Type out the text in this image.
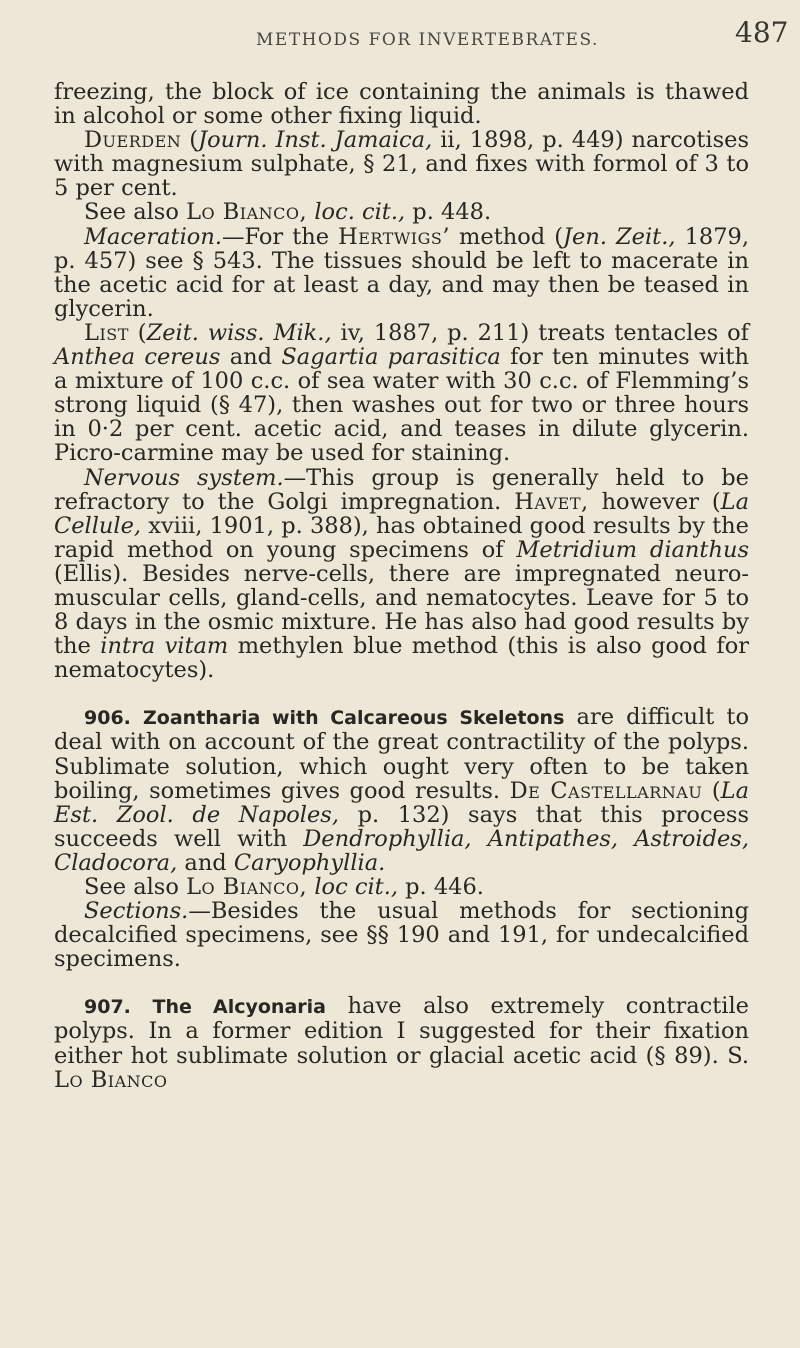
METHODS FOR INVERTEBRATES.	487

freezing, the block of ice containing the animals is thawed in alcohol or some other fixing liquid.

Duerden (Journ. Inst. Jamaica, ii, 1898, p. 449) narcotises with magnesium sulphate, § 21, and fixes with formol of 3 to 5 per cent.

See also Lo Bianco, loc. cit., p. 448.

Maceration.—For the Hertwigs’ method (Jen. Zeit., 1879, p. 457) see § 543. The tissues should be left to macerate in the acetic acid for at least a day, and may then be teased in glycerin.

List (Zeit. wiss. Mik., iv, 1887, p. 211) treats tentacles of Anthea cereus and Sagartia parasitica for ten minutes with a mixture of 100 c.c. of sea water with 30 c.c. of Flemming’s strong liquid (§ 47), then washes out for two or three hours in 0·2 per cent. acetic acid, and teases in dilute glycerin. Picro-carmine may be used for staining.

Nervous system.—This group is generally held to be refractory to the Golgi impregnation. Havet, however (La Cellule, xviii, 1901, p. 388), has obtained good results by the rapid method on young specimens of Metridium dianthus (Ellis). Besides nerve-cells, there are impregnated neuro-muscular cells, gland-cells, and nematocytes. Leave for 5 to 8 days in the osmic mixture. He has also had good results by the intra vitam methylen blue method (this is also good for nematocytes).

906. Zoantharia with Calcareous Skeletons are difficult to deal with on account of the great contractility of the polyps. Sublimate solution, which ought very often to be taken boiling, sometimes gives good results. De Castellarnau (La Est. Zool. de Napoles, p. 132) says that this process succeeds well with Dendrophyllia, Antipathes, Astroides, Cladocora, and Caryophyllia.

See also Lo Bianco, loc cit., p. 446.

Sections.—Besides the usual methods for sectioning decalcified specimens, see §§ 190 and 191, for undecalcified specimens.

907. The Alcyonaria have also extremely contractile polyps. In a former edition I suggested for their fixation either hot sublimate solution or glacial acetic acid (§ 89). S. Lo Bianco
